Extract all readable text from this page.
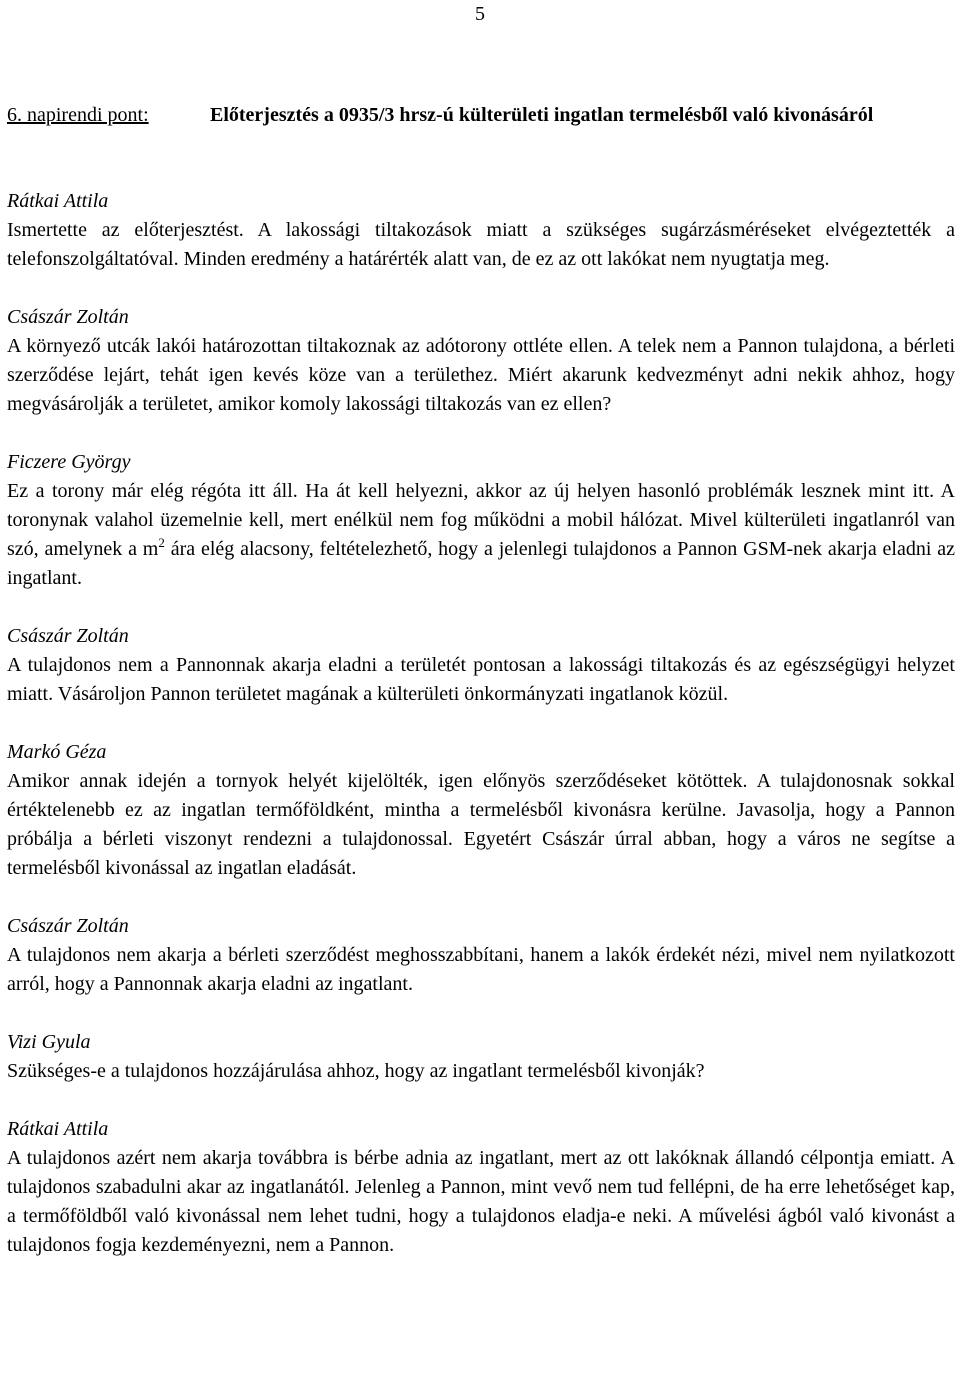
5
6. napirendi pont:	Előterjesztés a 0935/3 hrsz-ú külterületi ingatlan termelésből való kivonásáról
Rátkai Attila

Ismertette az előterjesztést. A lakossági tiltakozások miatt a szükséges sugárzásméréseket elvégeztették a telefonszolgáltatóval. Minden eredmény a határérték alatt van, de ez az ott lakókat nem nyugtatja meg.

Császár Zoltán

A környező utcák lakói határozottan tiltakoznak az adótorony ottléte ellen. A telek nem a Pannon tulajdona, a bérleti szerződése lejárt, tehát igen kevés köze van a területhez. Miért akarunk kedvezményt adni nekik ahhoz, hogy megvásárolják a területet, amikor komoly lakossági tiltakozás van ez ellen?

Ficzere György

Ez a torony már elég régóta itt áll. Ha át kell helyezni, akkor az új helyen hasonló problémák lesznek mint itt. A toronynak valahol üzemelnie kell, mert enélkül nem fog működni a mobil hálózat. Mivel külterületi ingatlanról van szó, amelynek a $m^2$ ára elég alacsony, feltételezhető, hogy a jelenlegi tulajdonos a Pannon GSM-nek akarja eladni az ingatlant.

Császár Zoltán

A tulajdonos nem a Pannonnak akarja eladni a területét pontosan a lakossági tiltakozás és az egészségügyi helyzet miatt. Vásároljon Pannon területet magának a külterületi önkormányzati ingatlanok közül.

Markó Géza

Amikor annak idején a tornyok helyét kijelölték, igen előnyös szerződéseket kötöttek. A tulajdonosnak sokkal értéktelenebb ez az ingatlan termőföldként, mintha a termelésből kivonásra kerülne. Javasolja, hogy a Pannon próbálja a bérleti viszonyt rendezni a tulajdonossal. Egyetért Császár úrral abban, hogy a város ne segítse a termelésből kivonással az ingatlan eladását.

Császár Zoltán

A tulajdonos nem akarja a bérleti szerződést meghosszabbítani, hanem a lakók érdekét nézi, mivel nem nyilatkozott arról, hogy a Pannonnak akarja eladni az ingatlant.

Vizi Gyula

Szükséges-e a tulajdonos hozzájárulása ahhoz, hogy az ingatlant termelésből kivonják?

Rátkai Attila

A tulajdonos azért nem akarja továbbra is bérbe adnia az ingatlant, mert az ott lakóknak állandó célpontja emiatt. A tulajdonos szabadulni akar az ingatlanától. Jelenleg a Pannon, mint vevő nem tud fellépni, de ha erre lehetőséget kap, a termőföldből való kivonással nem lehet tudni, hogy a tulajdonos eladja-e neki. A művelési ágból való kivonást a tulajdonos fogja kezdeményezni, nem a Pannon.
